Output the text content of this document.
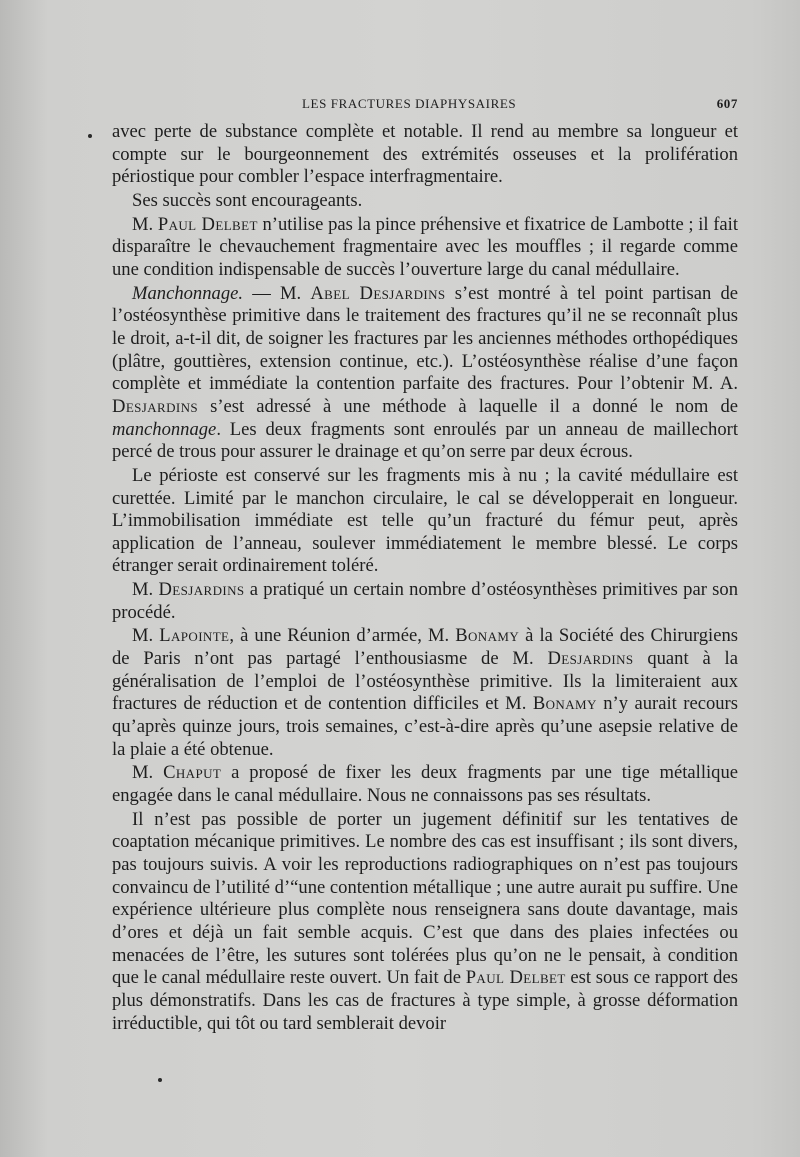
LES FRACTURES DIAPHYSAIRES	607

avec perte de substance complète et notable. Il rend au membre sa longueur et compte sur le bourgeonnement des extrémités osseuses et la prolifération périostique pour combler l’espace interfragmentaire.

Ses succès sont encourageants.

M. Paul Delbet n’utilise pas la pince préhensive et fixatrice de Lambotte ; il fait disparaître le chevauchement fragmentaire avec les mouffles ; il regarde comme une condition indispensable de succès l’ouverture large du canal médullaire.

Manchonnage. — M. Abel Desjardins s’est montré à tel point partisan de l’ostéosynthèse primitive dans le traitement des fractures qu’il ne se reconnaît plus le droit, a-t-il dit, de soigner les fractures par les anciennes méthodes orthopédiques (plâtre, gouttières, extension continue, etc.). L’ostéosynthèse réalise d’une façon complète et immédiate la contention parfaite des fractures. Pour l’obtenir M. A. Desjardins s’est adressé à une méthode à laquelle il a donné le nom de manchonnage. Les deux fragments sont enroulés par un anneau de maillechort percé de trous pour assurer le drainage et qu’on serre par deux écrous.

Le périoste est conservé sur les fragments mis à nu ; la cavité médullaire est curettée. Limité par le manchon circulaire, le cal se développerait en longueur. L’immobilisation immédiate est telle qu’un fracturé du fémur peut, après application de l’anneau, soulever immédiatement le membre blessé. Le corps étranger serait ordinairement toléré.

M. Desjardins a pratiqué un certain nombre d’ostéosynthèses primitives par son procédé.

M. Lapointe, à une Réunion d’armée, M. Bonamy à la Société des Chirurgiens de Paris n’ont pas partagé l’enthousiasme de M. Desjardins quant à la généralisation de l’emploi de l’ostéosynthèse primitive. Ils la limiteraient aux fractures de réduction et de contention difficiles et M. Bonamy n’y aurait recours qu’après quinze jours, trois semaines, c’est-à-dire après qu’une asepsie relative de la plaie a été obtenue.

M. Chaput a proposé de fixer les deux fragments par une tige métallique engagée dans le canal médullaire. Nous ne connaissons pas ses résultats.

Il n’est pas possible de porter un jugement définitif sur les tentatives de coaptation mécanique primitives. Le nombre des cas est insuffisant ; ils sont divers, pas toujours suivis. A voir les reproductions radiographiques on n’est pas toujours convaincu de l’utilité d’“une contention métallique ; une autre aurait pu suffire. Une expérience ultérieure plus complète nous renseignera sans doute davantage, mais d’ores et déjà un fait semble acquis. C’est que dans des plaies infectées ou menacées de l’être, les sutures sont tolérées plus qu’on ne le pensait, à condition que le canal médullaire reste ouvert. Un fait de Paul Delbet est sous ce rapport des plus démonstratifs. Dans les cas de fractures à type simple, à grosse déformation irréductible, qui tôt ou tard semblerait devoir
